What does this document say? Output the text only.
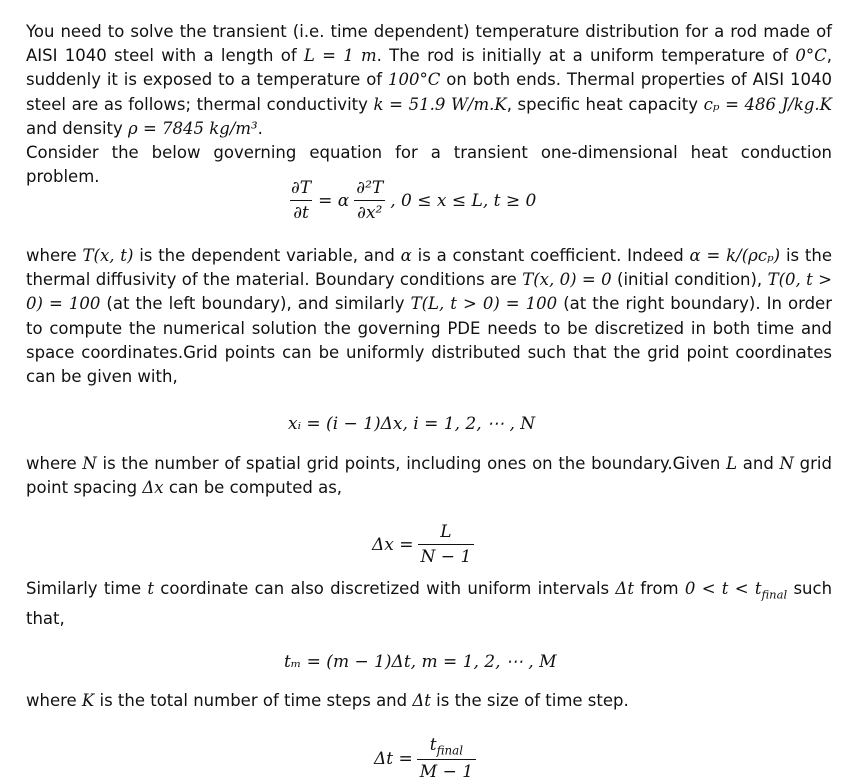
You need to solve the transient (i.e. time dependent) temperature distribution for a rod made of AISI 1040 steel with a length of L = 1 m. The rod is initially at a uniform temperature of 0°C, suddenly it is exposed to a temperature of 100°C on both ends. Thermal properties of AISI 1040 steel are as follows; thermal conductivity k = 51.9 W/m.K, specific heat capacity cₚ = 486 J/kg.K and density ρ = 7845 kg/m³.
Consider the below governing equation for a transient one-dimensional heat conduction problem.

$\frac{\partial T}{\partial t} = \alpha \frac{\text{∂²T}}{\text{∂x²}}$ , 0 ≤ x ≤ L, t ≥ 0

where T(x, t) is the dependent variable, and α is a constant coefficient. Indeed α = k/(ρcₚ) is the thermal diffusivity of the material. Boundary conditions are T(x, 0) = 0 (initial condition), T(0, t > 0) = 100 (at the left boundary), and similarly T(L, t > 0) = 100 (at the right boundary). In order to compute the numerical solution the governing PDE needs to be discretized in both time and space coordinates.Grid points can be uniformly distributed such that the grid point coordinates can be given with,

xᵢ = (i − 1)Δx, i = 1, 2, ⋯ , N

where N is the number of spatial grid points, including ones on the boundary.Given L and N grid point spacing Δx can be computed as,

$\Delta x = \frac{L}{N - 1}$

Similarly time t coordinate can also discretized with uniform intervals Δt from $0 < t < t_{final}$ such that,

tₘ = (m − 1)Δt, m = 1, 2, ⋯ , M

where K is the total number of time steps and Δt is the size of time step.

$\Delta t = \frac{t_{final}}{M - 1}$
